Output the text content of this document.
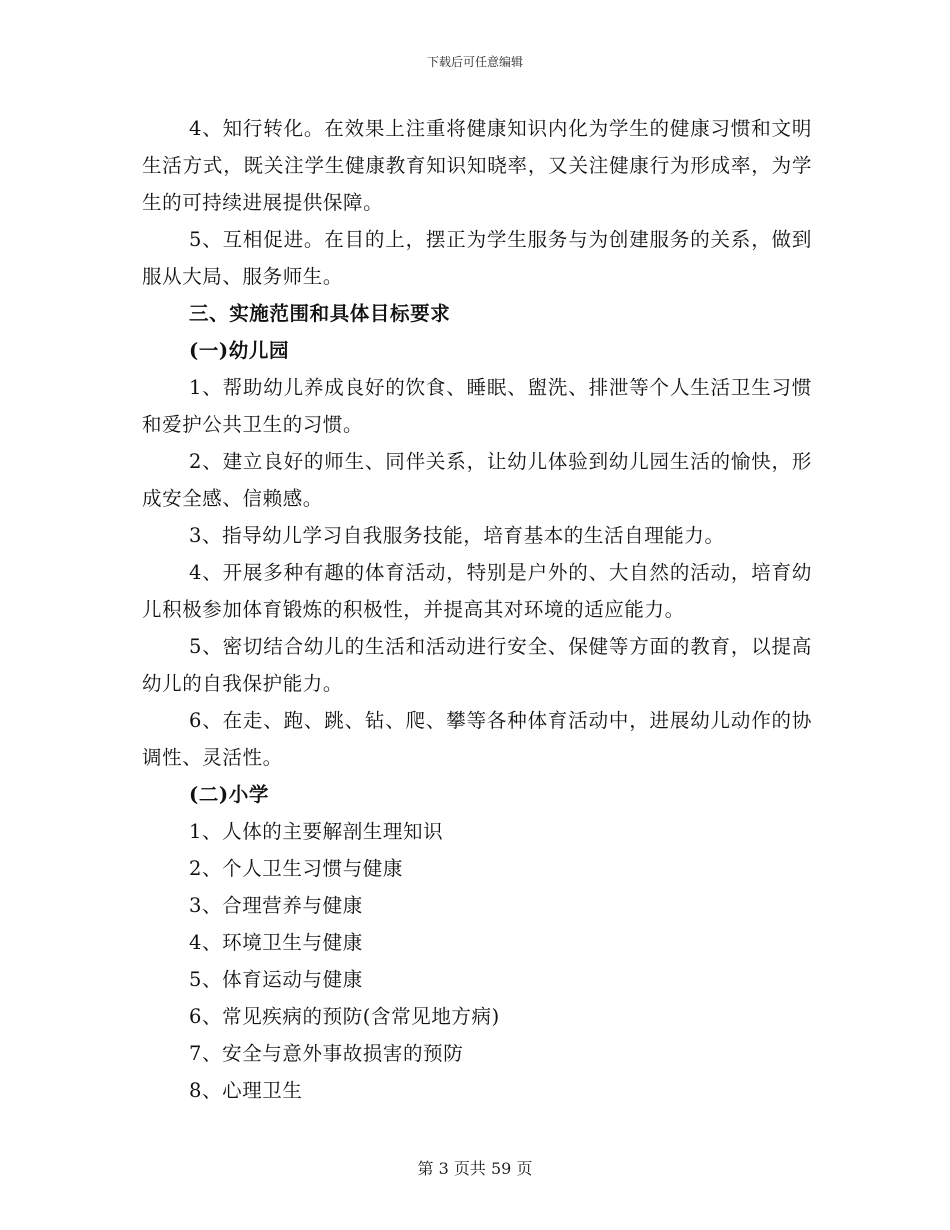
下载后可任意编辑

4、知行转化。在效果上注重将健康知识内化为学生的健康习惯和文明生活方式，既关注学生健康教育知识知晓率，又关注健康行为形成率，为学生的可持续进展提供保障。

5、互相促进。在目的上，摆正为学生服务与为创建服务的关系，做到服从大局、服务师生。

三、实施范围和具体目标要求

(一)幼儿园

1、帮助幼儿养成良好的饮食、睡眠、盥洗、排泄等个人生活卫生习惯和爱护公共卫生的习惯。

2、建立良好的师生、同伴关系，让幼儿体验到幼儿园生活的愉快，形成安全感、信赖感。

3、指导幼儿学习自我服务技能，培育基本的生活自理能力。

4、开展多种有趣的体育活动，特别是户外的、大自然的活动，培育幼儿积极参加体育锻炼的积极性，并提高其对环境的适应能力。

5、密切结合幼儿的生活和活动进行安全、保健等方面的教育，以提高幼儿的自我保护能力。

6、在走、跑、跳、钻、爬、攀等各种体育活动中，进展幼儿动作的协调性、灵活性。

(二)小学

1、人体的主要解剖生理知识

2、个人卫生习惯与健康

3、合理营养与健康

4、环境卫生与健康

5、体育运动与健康

6、常见疾病的预防(含常见地方病)

7、安全与意外事故损害的预防

8、心理卫生

第 3 页共 59 页
